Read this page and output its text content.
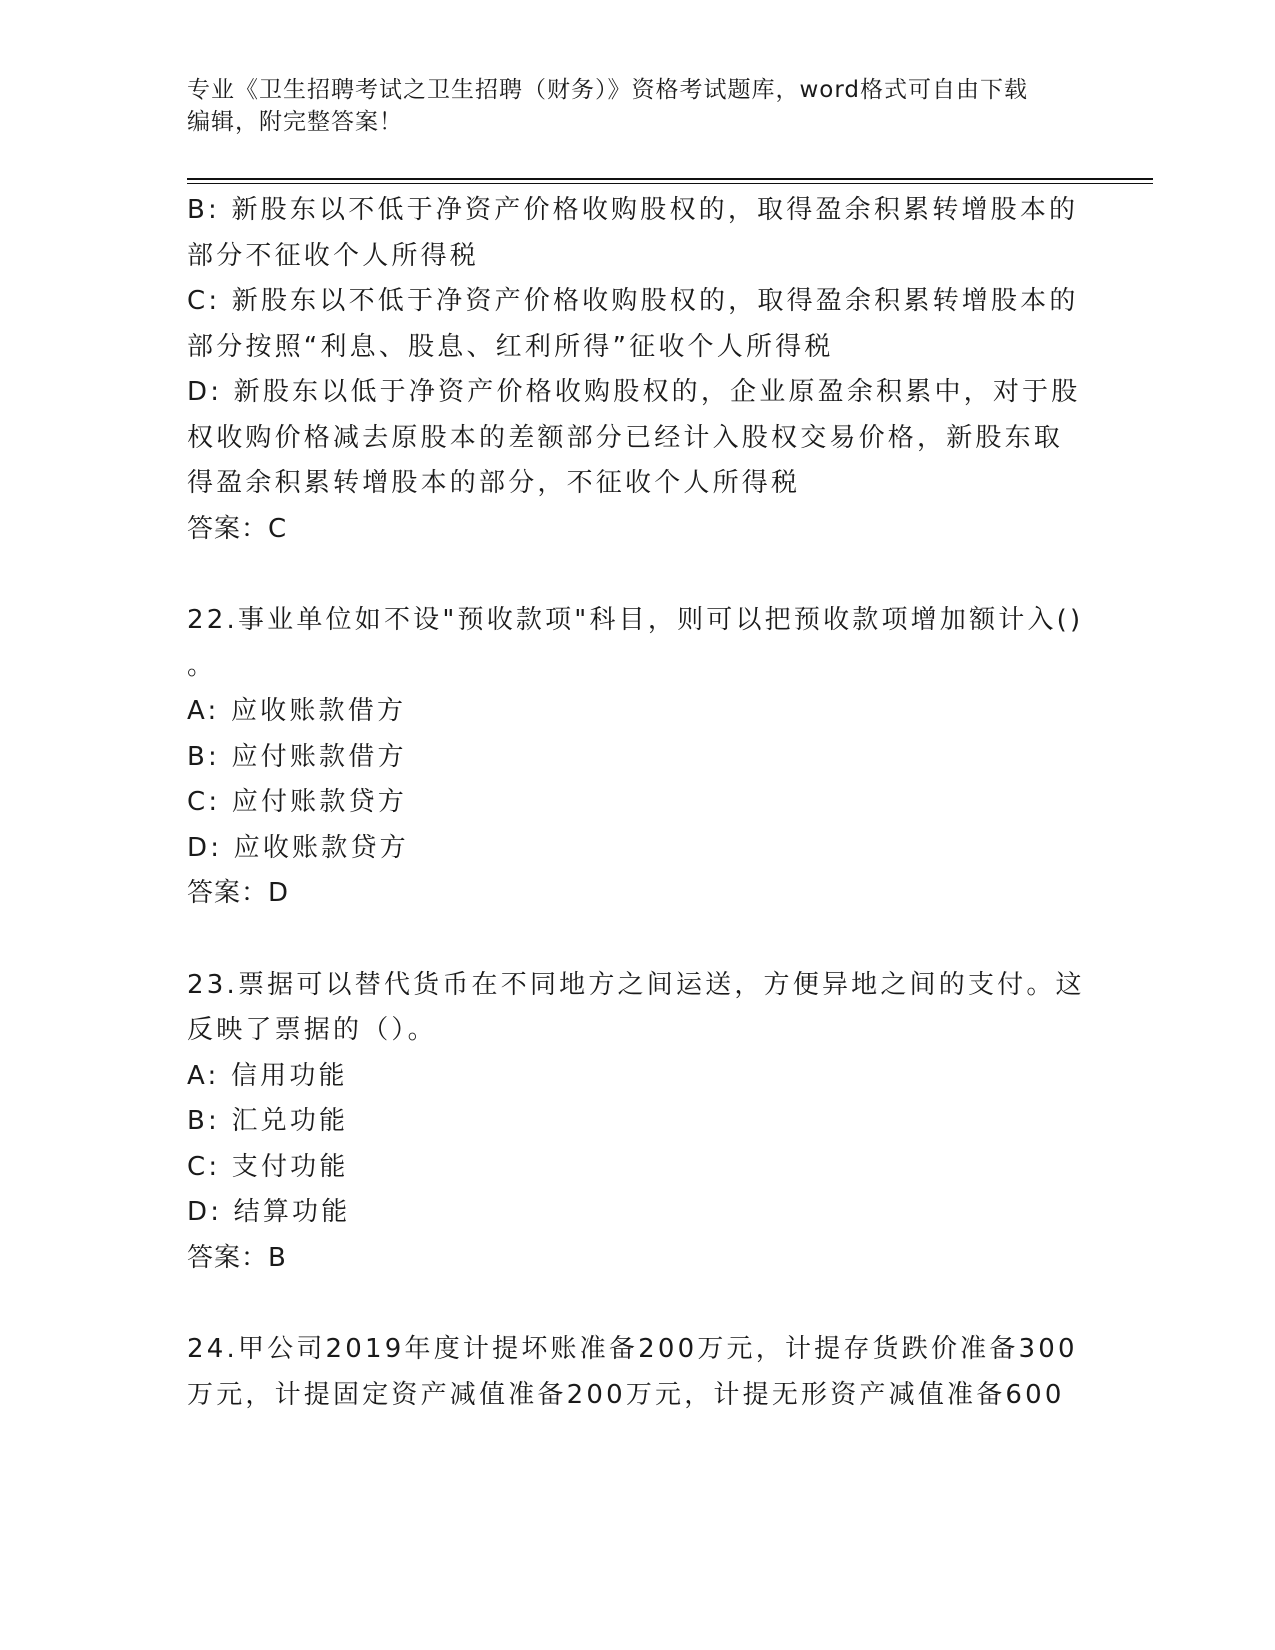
专业《卫生招聘考试之卫生招聘（财务）》资格考试题库，word格式可自由下载
编辑，附完整答案！
B: 新股东以不低于净资产价格收购股权的，取得盈余积累转增股本的
部分不征收个人所得税
C: 新股东以不低于净资产价格收购股权的，取得盈余积累转增股本的
部分按照“利息、股息、红利所得”征收个人所得税
D: 新股东以低于净资产价格收购股权的，企业原盈余积累中，对于股
权收购价格减去原股本的差额部分已经计入股权交易价格，新股东取
得盈余积累转增股本的部分，不征收个人所得税
答案：C
22.事业单位如不设"预收款项"科目，则可以把预收款项增加额计入()
。
A: 应收账款借方
B: 应付账款借方
C: 应付账款贷方
D: 应收账款贷方
答案：D
23.票据可以替代货币在不同地方之间运送，方便异地之间的支付。这
反映了票据的（）。
A: 信用功能
B: 汇兑功能
C: 支付功能
D: 结算功能
答案：B
24.甲公司2019年度计提坏账准备200万元，计提存货跌价准备300
万元，计提固定资产减值准备200万元，计提无形资产减值准备600
